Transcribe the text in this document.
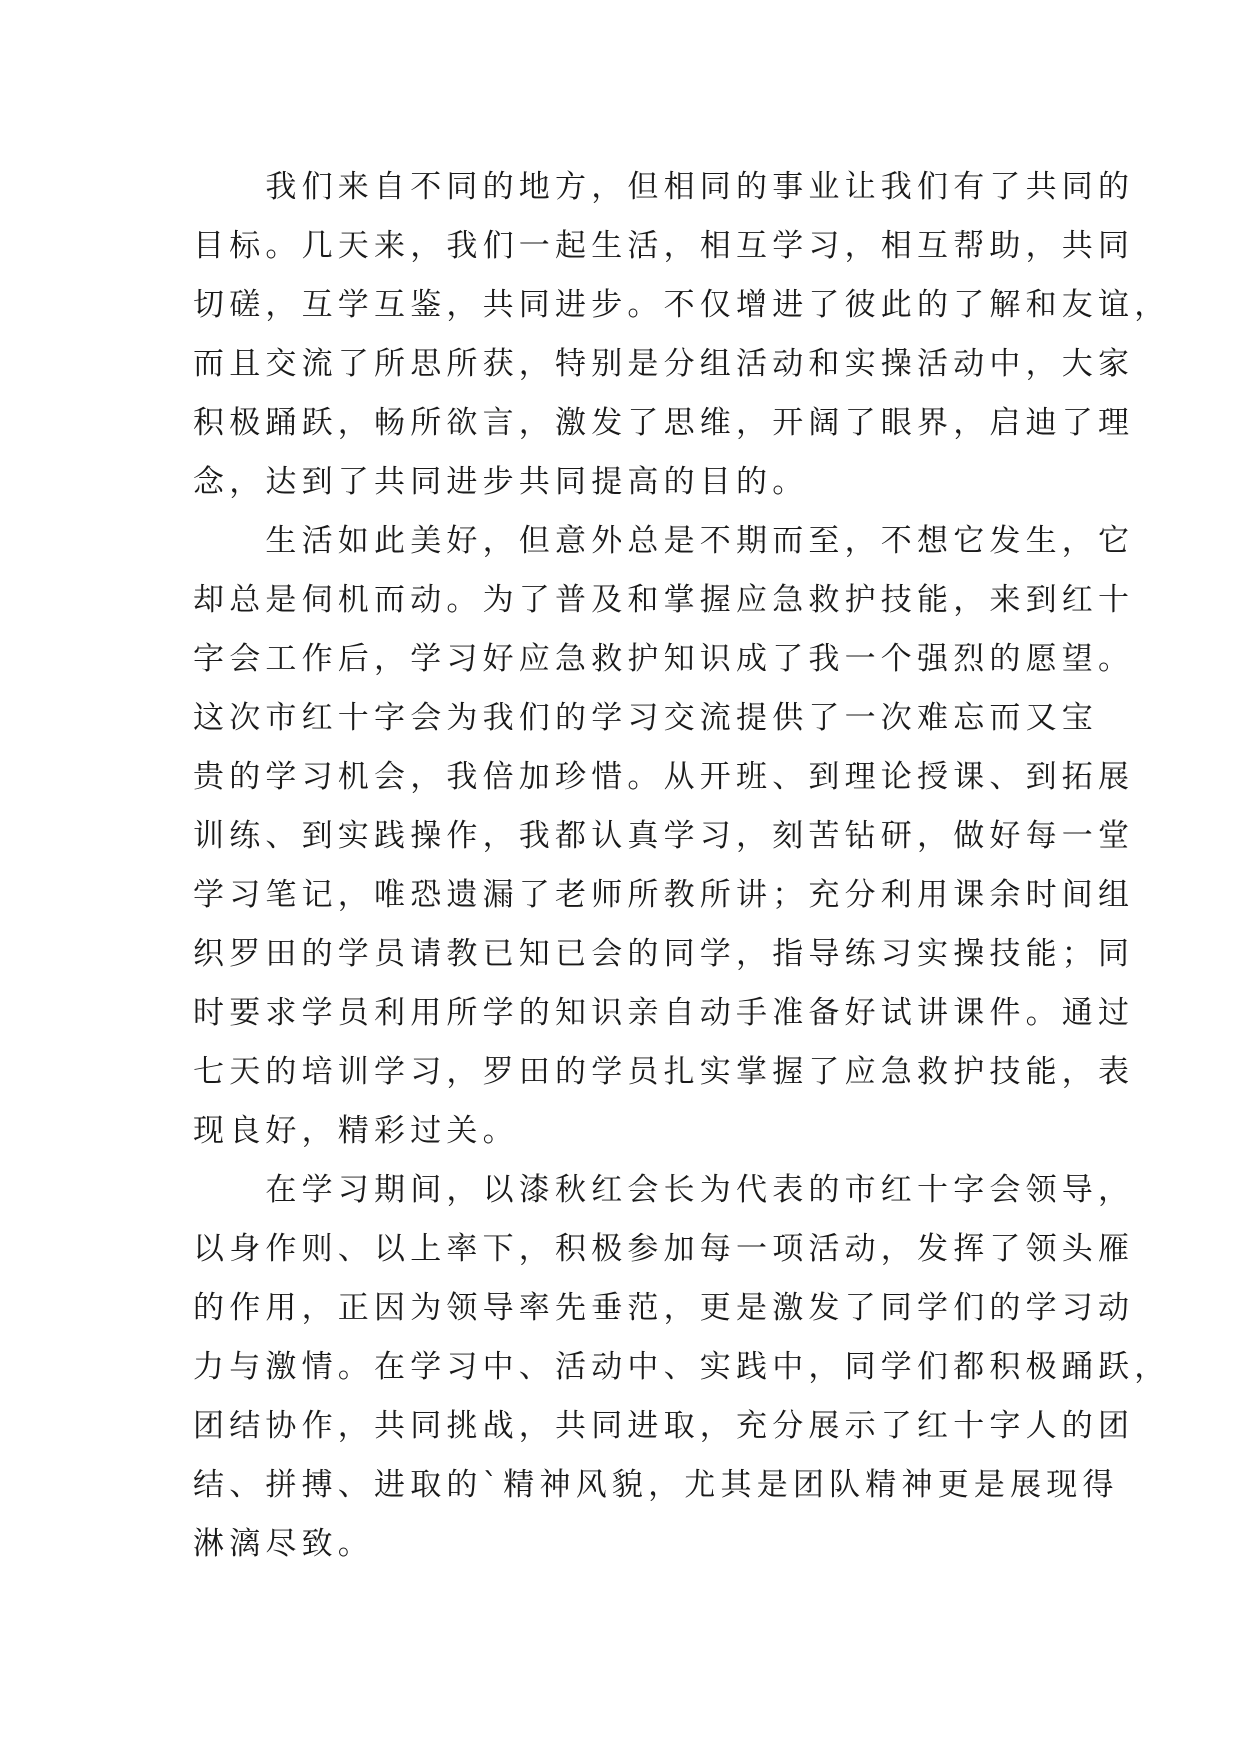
　　我们来自不同的地方，但相同的事业让我们有了共同的
目标。几天来，我们一起生活，相互学习，相互帮助，共同
切磋，互学互鉴，共同进步。不仅增进了彼此的了解和友谊，
而且交流了所思所获，特别是分组活动和实操活动中，大家
积极踊跃，畅所欲言，激发了思维，开阔了眼界，启迪了理
念，达到了共同进步共同提高的目的。
　　生活如此美好，但意外总是不期而至，不想它发生，它
却总是伺机而动。为了普及和掌握应急救护技能，来到红十
字会工作后，学习好应急救护知识成了我一个强烈的愿望。
这次市红十字会为我们的学习交流提供了一次难忘而又宝
贵的学习机会，我倍加珍惜。从开班、到理论授课、到拓展
训练、到实践操作，我都认真学习，刻苦钻研，做好每一堂
学习笔记，唯恐遗漏了老师所教所讲；充分利用课余时间组
织罗田的学员请教已知已会的同学，指导练习实操技能；同
时要求学员利用所学的知识亲自动手准备好试讲课件。通过
七天的培训学习，罗田的学员扎实掌握了应急救护技能，表
现良好，精彩过关。
　　在学习期间，以漆秋红会长为代表的市红十字会领导，
以身作则、以上率下，积极参加每一项活动，发挥了领头雁
的作用，正因为领导率先垂范，更是激发了同学们的学习动
力与激情。在学习中、活动中、实践中，同学们都积极踊跃，
团结协作，共同挑战，共同进取，充分展示了红十字人的团
结、拼搏、进取的`精神风貌，尤其是团队精神更是展现得
淋漓尽致。
